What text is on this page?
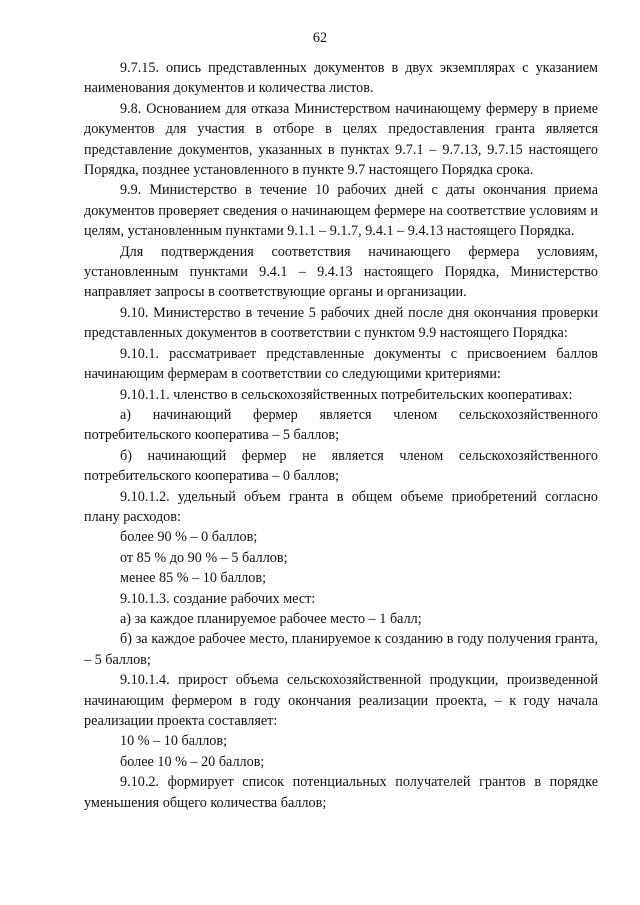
62

9.7.15. опись представленных документов в двух экземплярах с указанием наименования документов и количества листов.

9.8. Основанием для отказа Министерством начинающему фермеру в приеме документов для участия в отборе в целях предоставления гранта является представление документов, указанных в пунктах 9.7.1 – 9.7.13, 9.7.15 настоящего Порядка, позднее установленного в пункте 9.7 настоящего Порядка срока.

9.9. Министерство в течение 10 рабочих дней с даты окончания приема документов проверяет сведения о начинающем фермере на соответствие условиям и целям, установленным пунктами 9.1.1 – 9.1.7, 9.4.1 – 9.4.13 настоящего Порядка.

Для подтверждения соответствия начинающего фермера условиям, установленным пунктами 9.4.1 – 9.4.13 настоящего Порядка, Министерство направляет запросы в соответствующие органы и организации.

9.10. Министерство в течение 5 рабочих дней после дня окончания проверки представленных документов в соответствии с пунктом 9.9 настоящего Порядка:

9.10.1. рассматривает представленные документы с присвоением баллов начинающим фермерам в соответствии со следующими критериями:

9.10.1.1. членство в сельскохозяйственных потребительских кооперативах:

а) начинающий фермер является членом сельскохозяйственного потребительского кооператива – 5 баллов;

б) начинающий фермер не является членом сельскохозяйственного потребительского кооператива – 0 баллов;

9.10.1.2. удельный объем гранта в общем объеме приобретений согласно плану расходов:

более 90 % – 0 баллов;

от 85 % до 90 % – 5 баллов;

менее 85 % – 10 баллов;

9.10.1.3. создание рабочих мест:

а) за каждое планируемое рабочее место – 1 балл;

б) за каждое рабочее место, планируемое к созданию в году получения гранта, – 5 баллов;

9.10.1.4. прирост объема сельскохозяйственной продукции, произведенной начинающим фермером в году окончания реализации проекта, – к году начала реализации проекта составляет:

10 % – 10 баллов;

более 10 % – 20 баллов;

9.10.2. формирует список потенциальных получателей грантов в порядке уменьшения общего количества баллов;
